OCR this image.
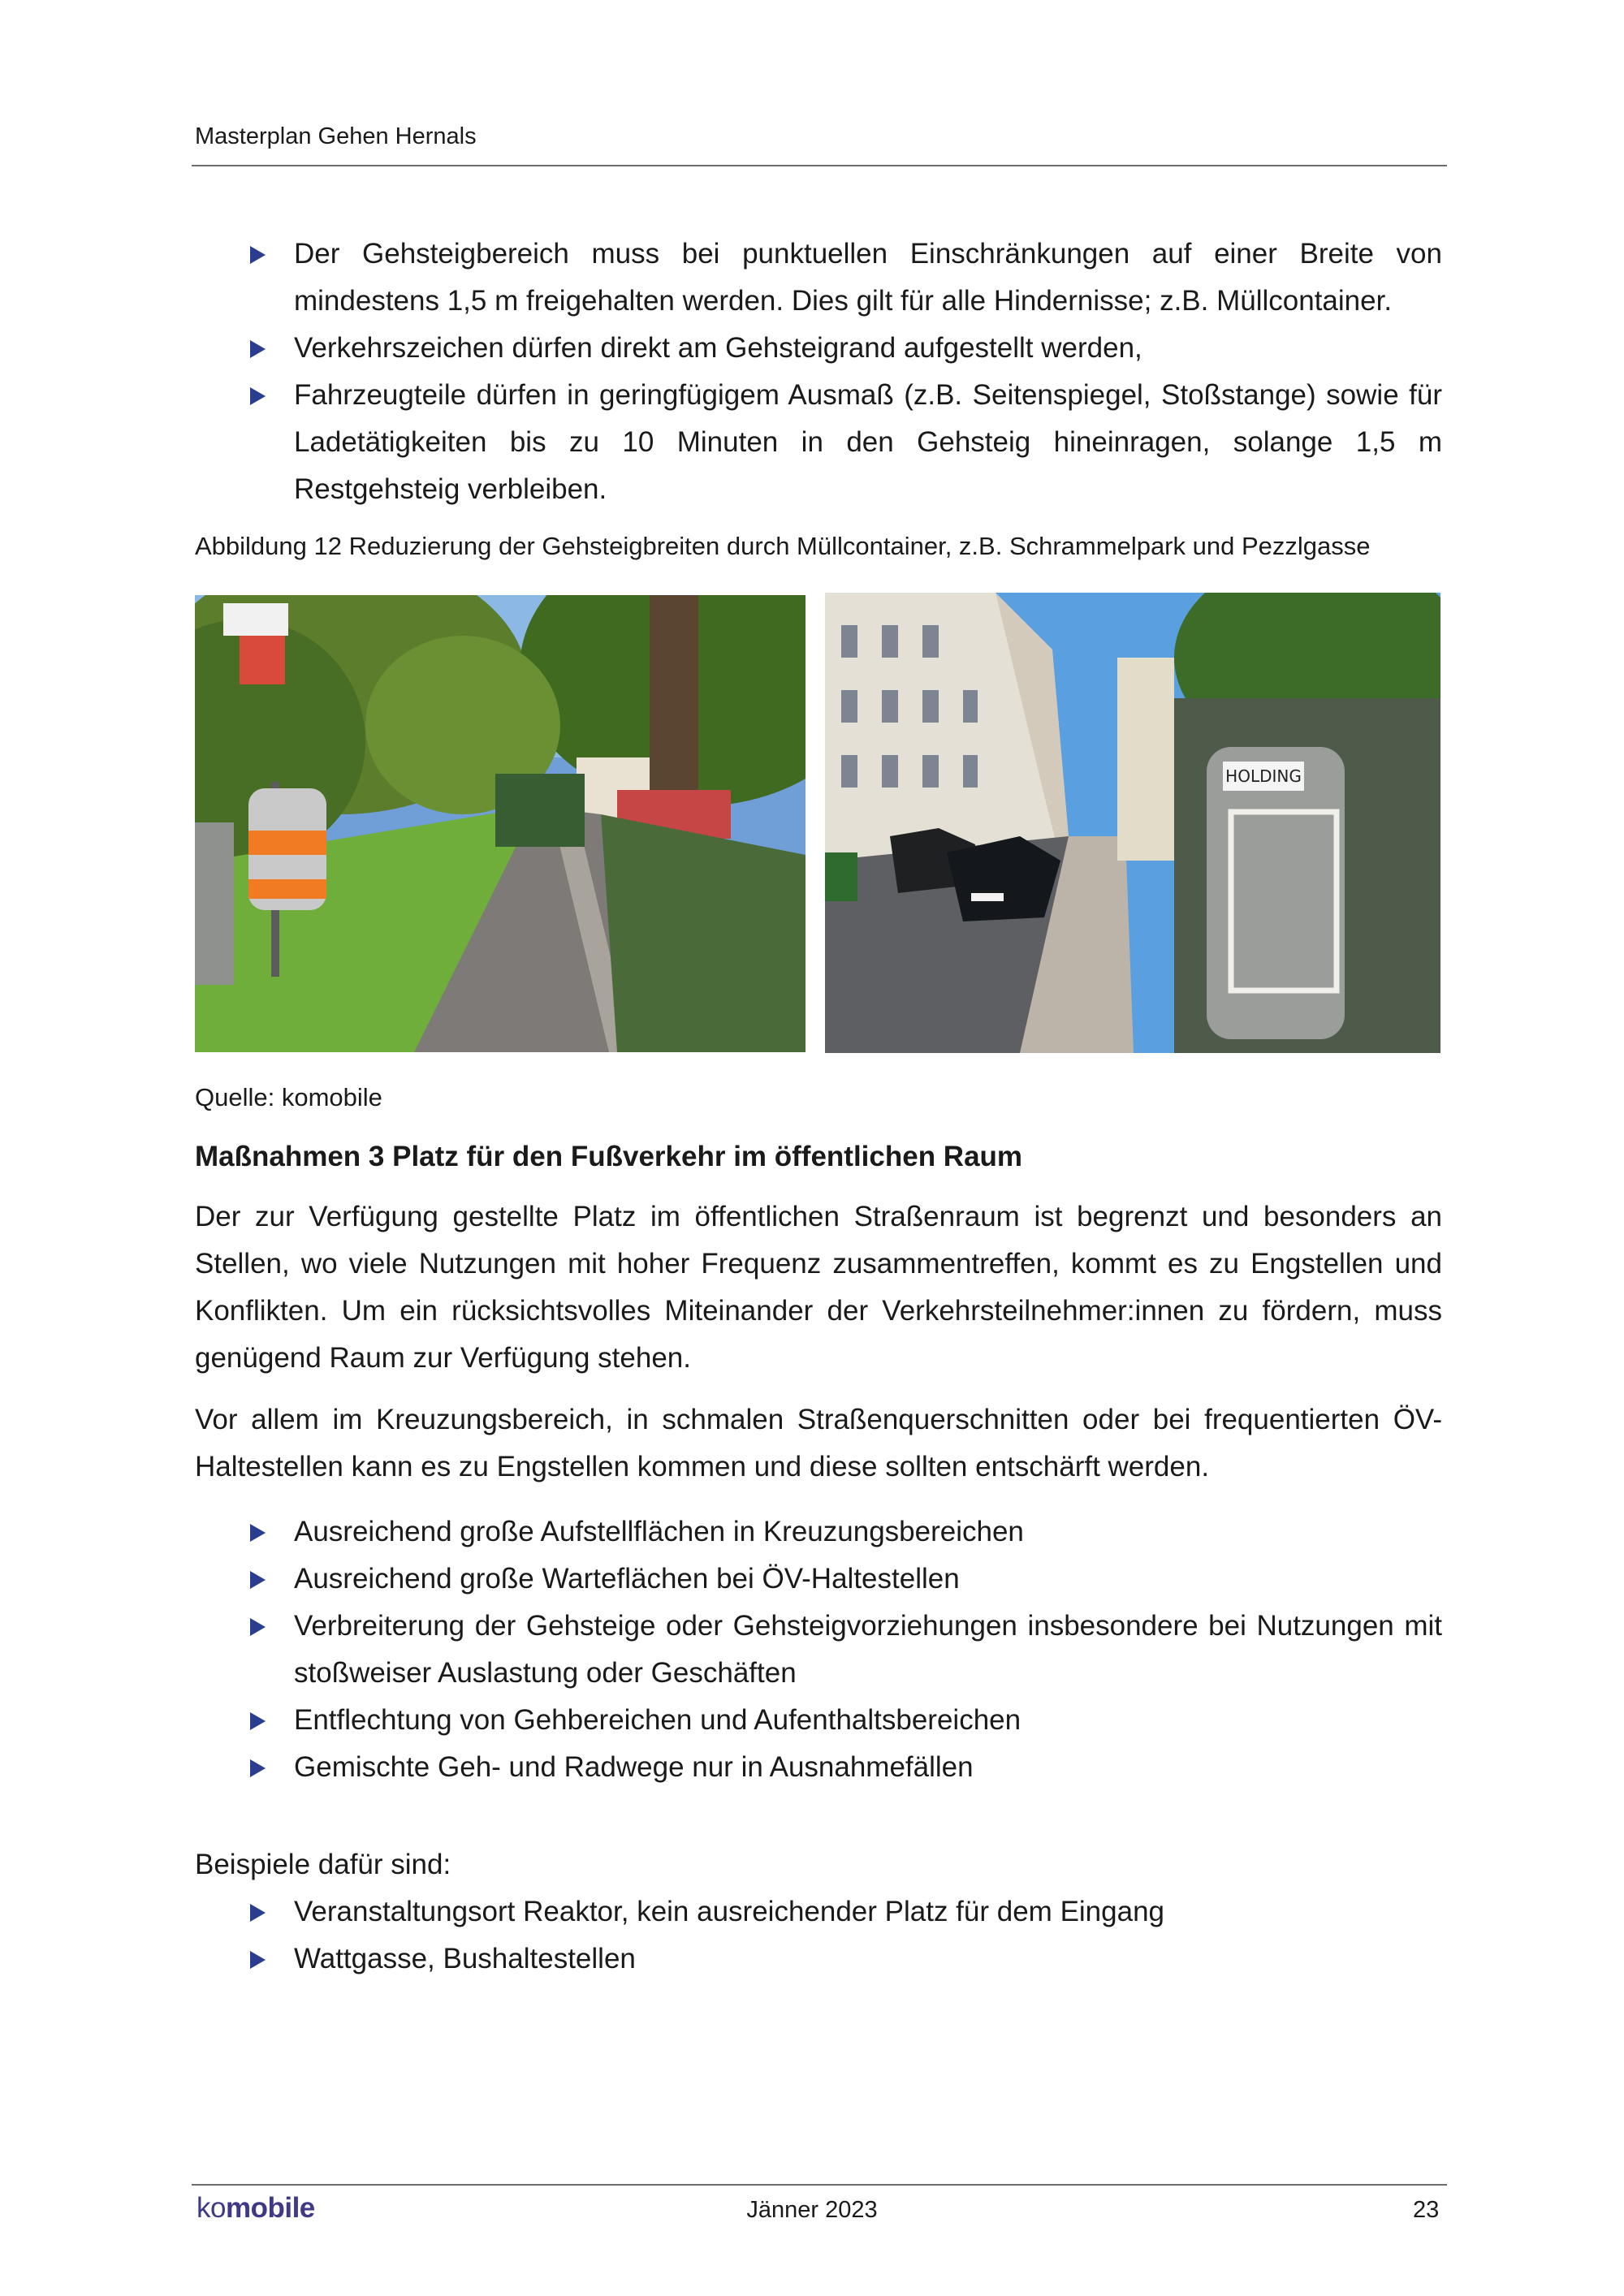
Masterplan Gehen Hernals
Der Gehsteigbereich muss bei punktuellen Einschränkungen auf einer Breite von mindestens 1,5 m freigehalten werden. Dies gilt für alle Hindernisse; z.B. Müllcontainer.
Verkehrszeichen dürfen direkt am Gehsteigrand aufgestellt werden,
Fahrzeugteile dürfen in geringfügigem Ausmaß (z.B. Seitenspiegel, Stoßstange) sowie für Ladetätigkeiten bis zu 10 Minuten in den Gehsteig hineinragen, solange 1,5 m Restgehsteig verbleiben.
Abbildung 12 Reduzierung der Gehsteigbreiten durch Müllcontainer, z.B. Schrammelpark und Pezzlgasse
HOLDING
Quelle: komobile
Maßnahmen 3 Platz für den Fußverkehr im öffentlichen Raum

Der zur Verfügung gestellte Platz im öffentlichen Straßenraum ist begrenzt und besonders an Stellen, wo viele Nutzungen mit hoher Frequenz zusammentreffen, kommt es zu Engstellen und Konflikten. Um ein rücksichtsvolles Miteinander der Verkehrsteilnehmer:innen zu fördern, muss genügend Raum zur Verfügung stehen.

Vor allem im Kreuzungsbereich, in schmalen Straßenquerschnitten oder bei frequentierten ÖV-Haltestellen kann es zu Engstellen kommen und diese sollten entschärft werden.

Ausreichend große Aufstellflächen in Kreuzungsbereichen
Ausreichend große Warteflächen bei ÖV-Haltestellen
Verbreiterung der Gehsteige oder Gehsteigvorziehungen insbesondere bei Nutzungen mit stoßweiser Auslastung oder Geschäften
Entflechtung von Gehbereichen und Aufenthaltsbereichen
Gemischte Geh- und Radwege nur in Ausnahmefällen
Beispiele dafür sind:
Veranstaltungsort Reaktor, kein ausreichender Platz für dem Eingang
Wattgasse, Bushaltestellen
komobile	Jänner 2023	23
